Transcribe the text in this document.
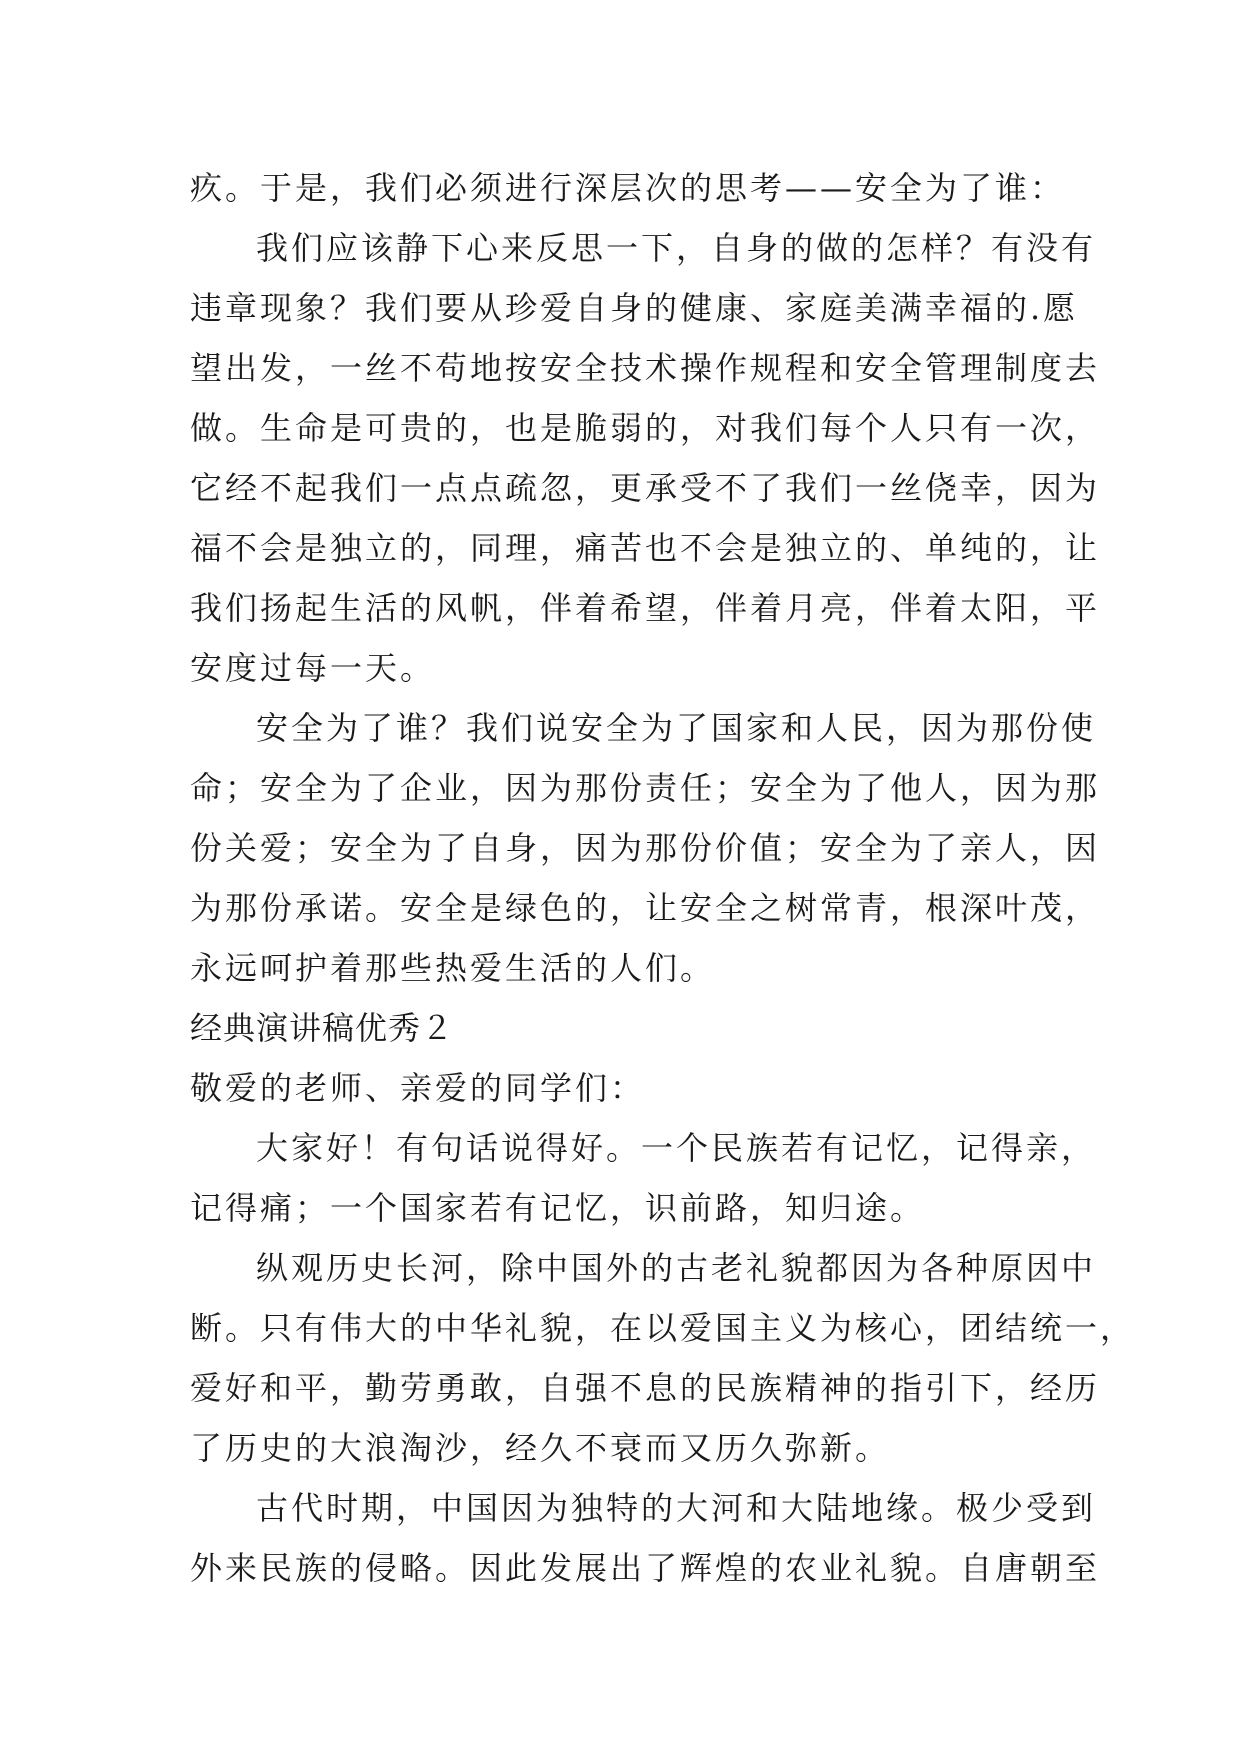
疚。于是，我们必须进行深层次的思考——安全为了谁：

我们应该静下心来反思一下，自身的做的怎样？有没有

违章现象？我们要从珍爱自身的健康、家庭美满幸福的.愿

望出发，一丝不苟地按安全技术操作规程和安全管理制度去

做。生命是可贵的，也是脆弱的，对我们每个人只有一次，

它经不起我们一点点疏忽，更承受不了我们一丝侥幸，因为

福不会是独立的，同理，痛苦也不会是独立的、单纯的，让

我们扬起生活的风帆，伴着希望，伴着月亮，伴着太阳，平

安度过每一天。

安全为了谁？我们说安全为了国家和人民，因为那份使

命；安全为了企业，因为那份责任；安全为了他人，因为那

份关爱；安全为了自身，因为那份价值；安全为了亲人，因

为那份承诺。安全是绿色的，让安全之树常青，根深叶茂，

永远呵护着那些热爱生活的人们。

经典演讲稿优秀２

敬爱的老师、亲爱的同学们：

大家好！有句话说得好。一个民族若有记忆，记得亲，

记得痛；一个国家若有记忆，识前路，知归途。

纵观历史长河，除中国外的古老礼貌都因为各种原因中

断。只有伟大的中华礼貌，在以爱国主义为核心，团结统一，

爱好和平，勤劳勇敢，自强不息的民族精神的指引下，经历

了历史的大浪淘沙，经久不衰而又历久弥新。

古代时期，中国因为独特的大河和大陆地缘。极少受到

外来民族的侵略。因此发展出了辉煌的农业礼貌。自唐朝至
